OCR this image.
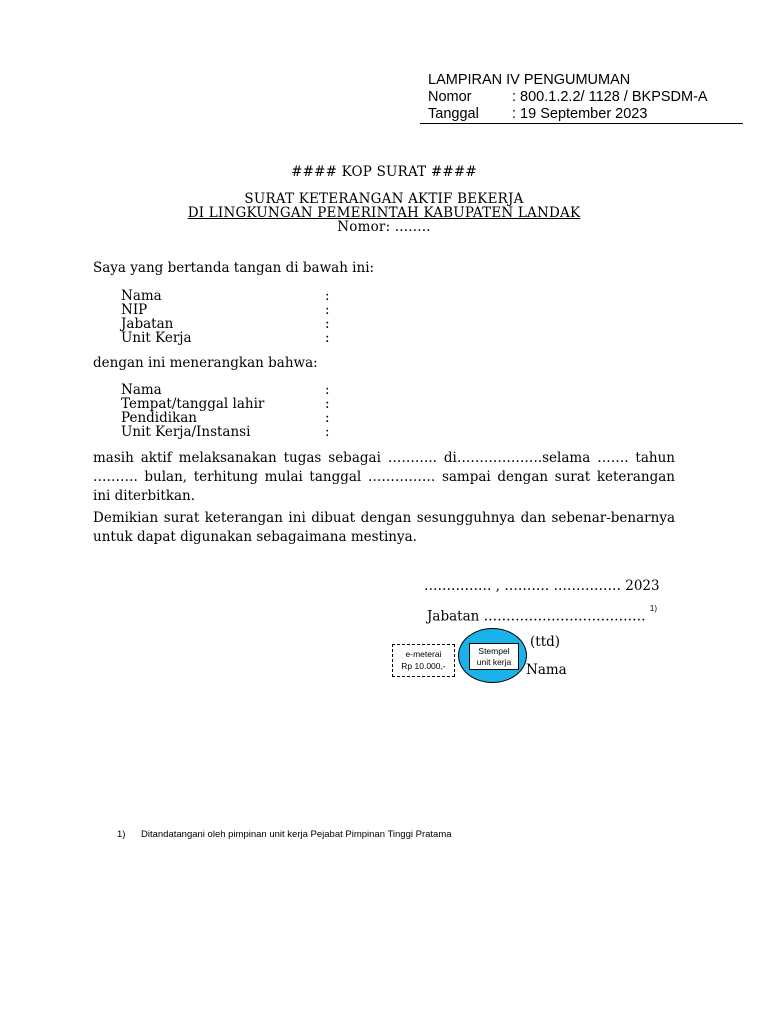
LAMPIRAN IV PENGUMUMAN
Nomor	: 800.1.2.2/ 1128 / BKPSDM-A
Tanggal : 19 September 2023
#### KOP SURAT ####
SURAT KETERANGAN AKTIF BEKERJA
DI LINGKUNGAN PEMERINTAH KABUPATEN LANDAK
Nomor: ........
Saya yang bertanda tangan di bawah ini:
Nama	:
NIP	:
Jabatan	:
Unit Kerja	:
dengan ini menerangkan bahwa:
Nama	:
Tempat/tanggal lahir	:
Pendidikan	:
Unit Kerja/Instansi	:
masih aktif melaksanakan tugas sebagai ……….. di……………….selama ……. tahun ………. bulan, terhitung mulai tanggal …………… sampai dengan surat keterangan ini diterbitkan.
Demikian surat keterangan ini dibuat dengan sesungguhnya dan sebenar-benarnya untuk dapat digunakan sebagaimana mestinya.
…………… , ………. …………… 2023
Jabatan ……………………………… $^{1)}$
e-meterai
Rp 10.000,-
Stempel
unit kerja
(ttd)
Nama
1) Ditandatangani oleh pimpinan unit kerja Pejabat Pimpinan Tinggi Pratama
